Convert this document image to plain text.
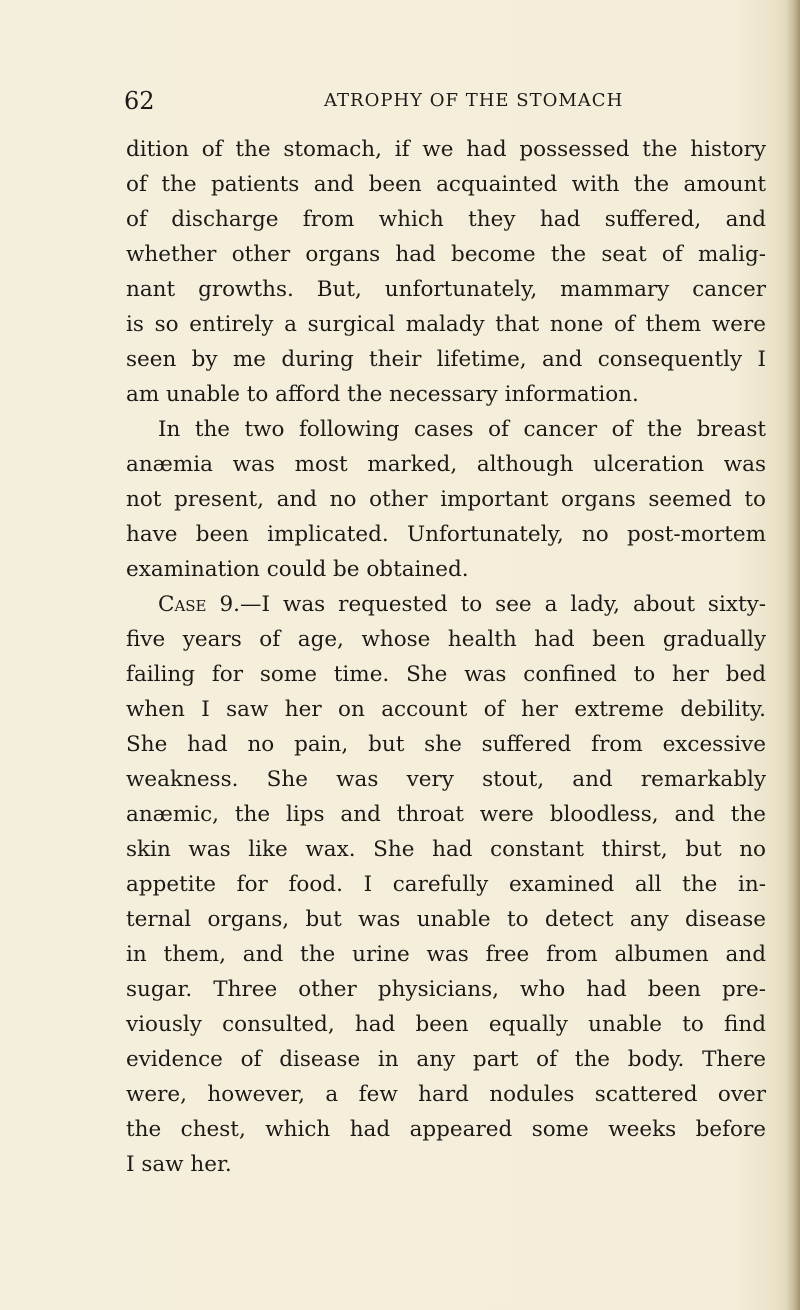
62	ATROPHY OF THE STOMACH
dition of the stomach, if we had possessed the history
of the patients and been acquainted with the amount
of discharge from which they had suffered, and
whether other organs had become the seat of malig-
nant growths. But, unfortunately, mammary cancer
is so entirely a surgical malady that none of them were
seen by me during their lifetime, and consequently I
am unable to afford the necessary information.
In the two following cases of cancer of the breast
anæmia was most marked, although ulceration was
not present, and no other important organs seemed to
have been implicated. Unfortunately, no post-mortem
examination could be obtained.
Case 9.—I was requested to see a lady, about sixty-
five years of age, whose health had been gradually
failing for some time. She was confined to her bed
when I saw her on account of her extreme debility.
She had no pain, but she suffered from excessive
weakness. She was very stout, and remarkably
anæmic, the lips and throat were bloodless, and the
skin was like wax. She had constant thirst, but no
appetite for food. I carefully examined all the in-
ternal organs, but was unable to detect any disease
in them, and the urine was free from albumen and
sugar. Three other physicians, who had been pre-
viously consulted, had been equally unable to find
evidence of disease in any part of the body. There
were, however, a few hard nodules scattered over
the chest, which had appeared some weeks before
I saw her.
